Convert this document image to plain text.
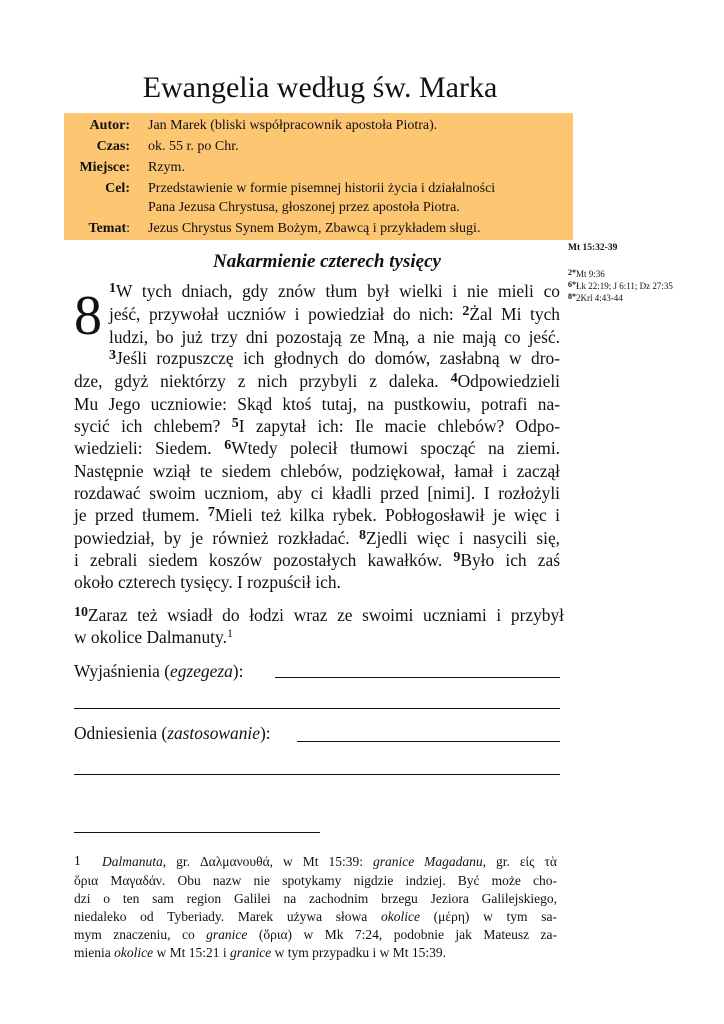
Ewangelia według św. Marka
Autor: Jan Marek (bliski współpracownik apostoła Piotra).
Czas: ok. 55 r. po Chr.
Miejsce: Rzym.
Cel: Przedstawienie w formie pisemnej historii życia i działalności
Pana Jezusa Chrystusa, głoszonej przez apostoła Piotra.
Temat: Jezus Chrystus Synem Bożym, Zbawcą i przykładem sługi.
Mt 15:32-39
2*Mt 9:36
6*Łk 22:19; J 6:11; Dz 27:35
8*2Krl 4:43-44
Nakarmienie czterech tysięcy
8 $^1$W tych dniach, gdy znów tłum był wielki i nie mieli co
jeść, przywołał uczniów i powiedział do nich: $^2$Żal Mi tych
ludzi, bo już trzy dni pozostają ze Mną, a nie mają co jeść.
$^3$Jeśli rozpuszczę ich głodnych do domów, zasłabną w dro-
dze, gdyż niektórzy z nich przybyli z daleka. $^4$Odpowiedzieli
Mu Jego uczniowie: Skąd ktoś tutaj, na pustkowiu, potrafi na-
sycić ich chlebem? $^5$I zapytał ich: Ile macie chlebów? Odpo-
wiedzieli: Siedem. $^6$Wtedy polecił tłumowi spocząć na ziemi.
Następnie wziął te siedem chlebów, podziękował, łamał i zaczął
rozdawać swoim uczniom, aby ci kładli przed [nimi]. I rozłożyli
je przed tłumem. $^7$Mieli też kilka rybek. Pobłogosławił je więc i
powiedział, by je również rozkładać. $^8$Zjedli więc i nasycili się,
i zebrali siedem koszów pozostałych kawałków. $^9$Było ich zaś
około czterech tysięcy. I rozpuścił ich.
$^{10}$Zaraz też wsiadł do łodzi wraz ze swoimi uczniami i przybył
w okolice Dalmanuty.$^1$
Wyjaśnienia (egzegeza):
Odniesienia (zastosowanie):
1 Dalmanuta, gr. Δαλμανουθά, w Mt 15:39: granice Magadanu, gr. εἰς τὰ
ὅρια Μαγαδάν. Obu nazw nie spotykamy nigdzie indziej. Być może cho-
dzi o ten sam region Galilei na zachodnim brzegu Jeziora Galilejskiego,
niedaleko od Tyberiady. Marek używa słowa okolice (μέρη) w tym sa-
mym znaczeniu, co granice (ὅρια) w Mk 7:24, podobnie jak Mateusz za-
mienia okolice w Mt 15:21 i granice w tym przypadku i w Mt 15:39.
